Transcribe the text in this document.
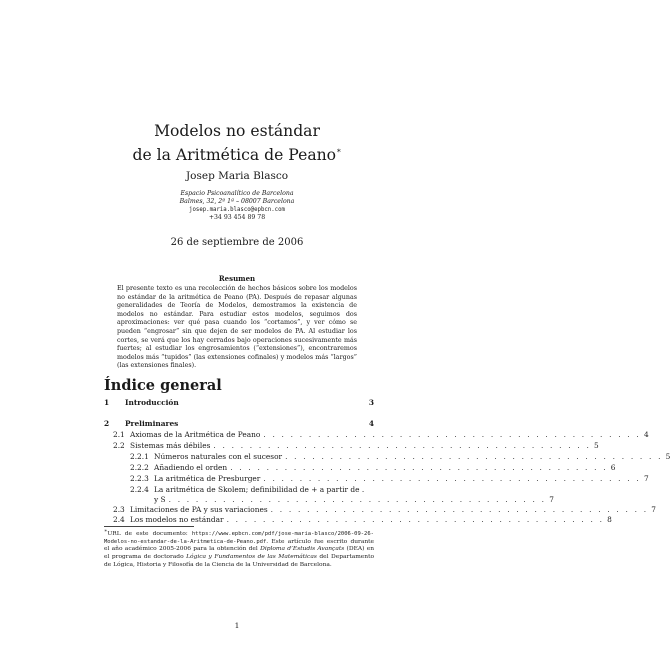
Modelos no estándar
de la Aritmética de Peano∗
Josep Maria Blasco
Espacio Psicoanalítico de Barcelona
Balmes, 32, 2º 1ª – 08007 Barcelona
josep.maria.blasco@epbcn.com
+34 93 454 89 78
26 de septiembre de 2006
Resumen
El presente texto es una recolección de hechos básicos sobre los modelos no estándar de la aritmética de Peano (PA). Después de repasar algunas generalidades de Teoría de Modelos, demostramos la existencia de modelos no estándar. Para estudiar estos modelos, seguimos dos aproximaciones: ver qué pasa cuando los “cortamos”, y ver cómo se pueden “engrosar” sin que dejen de ser modelos de PA. Al estudiar los cortes, se verá que los hay cerrados bajo operaciones sucesivamente más fuertes; al estudiar los engrosamientos (“extensiones”), encontraremos modelos más “tupidos” (las extensiones cofinales) y modelos más “largos” (las extensiones finales).
Índice general
1	Introducción	3
2	Preliminares	4
2.1 Axiomas de la Aritmética de Peano . . . . . . . . . . . . . . . . . . . . . . . . . . . . . . . . . . . . . . . . . . 4
2.2 Sistemas más débiles . . . . . . . . . . . . . . . . . . . . . . . . . . . . . . . . . . . . . . . . . . 5
2.2.1 Números naturales con el sucesor . . . . . . . . . . . . . . . . . . . . . . . . . . . . . . . . . . . . . . . . . . 5
2.2.2 Añadiendo el orden . . . . . . . . . . . . . . . . . . . . . . . . . . . . . . . . . . . . . . . . . . 6
2.2.3 La aritmética de Presburger . . . . . . . . . . . . . . . . . . . . . . . . . . . . . . . . . . . . . . . . . . 7
2.2.4 La aritmética de Skolem; definibilidad de + a partir de .
y S . . . . . . . . . . . . . . . . . . . . . . . . . . . . . . . . . . . . . . . . . . 7
2.3 Limitaciones de PA y sus variaciones . . . . . . . . . . . . . . . . . . . . . . . . . . . . . . . . . . . . . . . . . . 7
2.4 Los modelos no estándar . . . . . . . . . . . . . . . . . . . . . . . . . . . . . . . . . . . . . . . . . . 8
∗URL de este documento: https://www.epbcn.com/pdf/jose-maria-blasco/2006-09-26-Modelos-no-estandar-de-la-Aritmetica-de-Peano.pdf. Este artículo fue escrito durante el año académico 2005-2006 para la obtención del Diploma d’Estudis Avançats (DEA) en el programa de doctorado Lógica y Fundamentos de las Matemáticas del Departamento de Lógica, Historia y Filosofía de la Ciencia de la Universidad de Barcelona.
1
